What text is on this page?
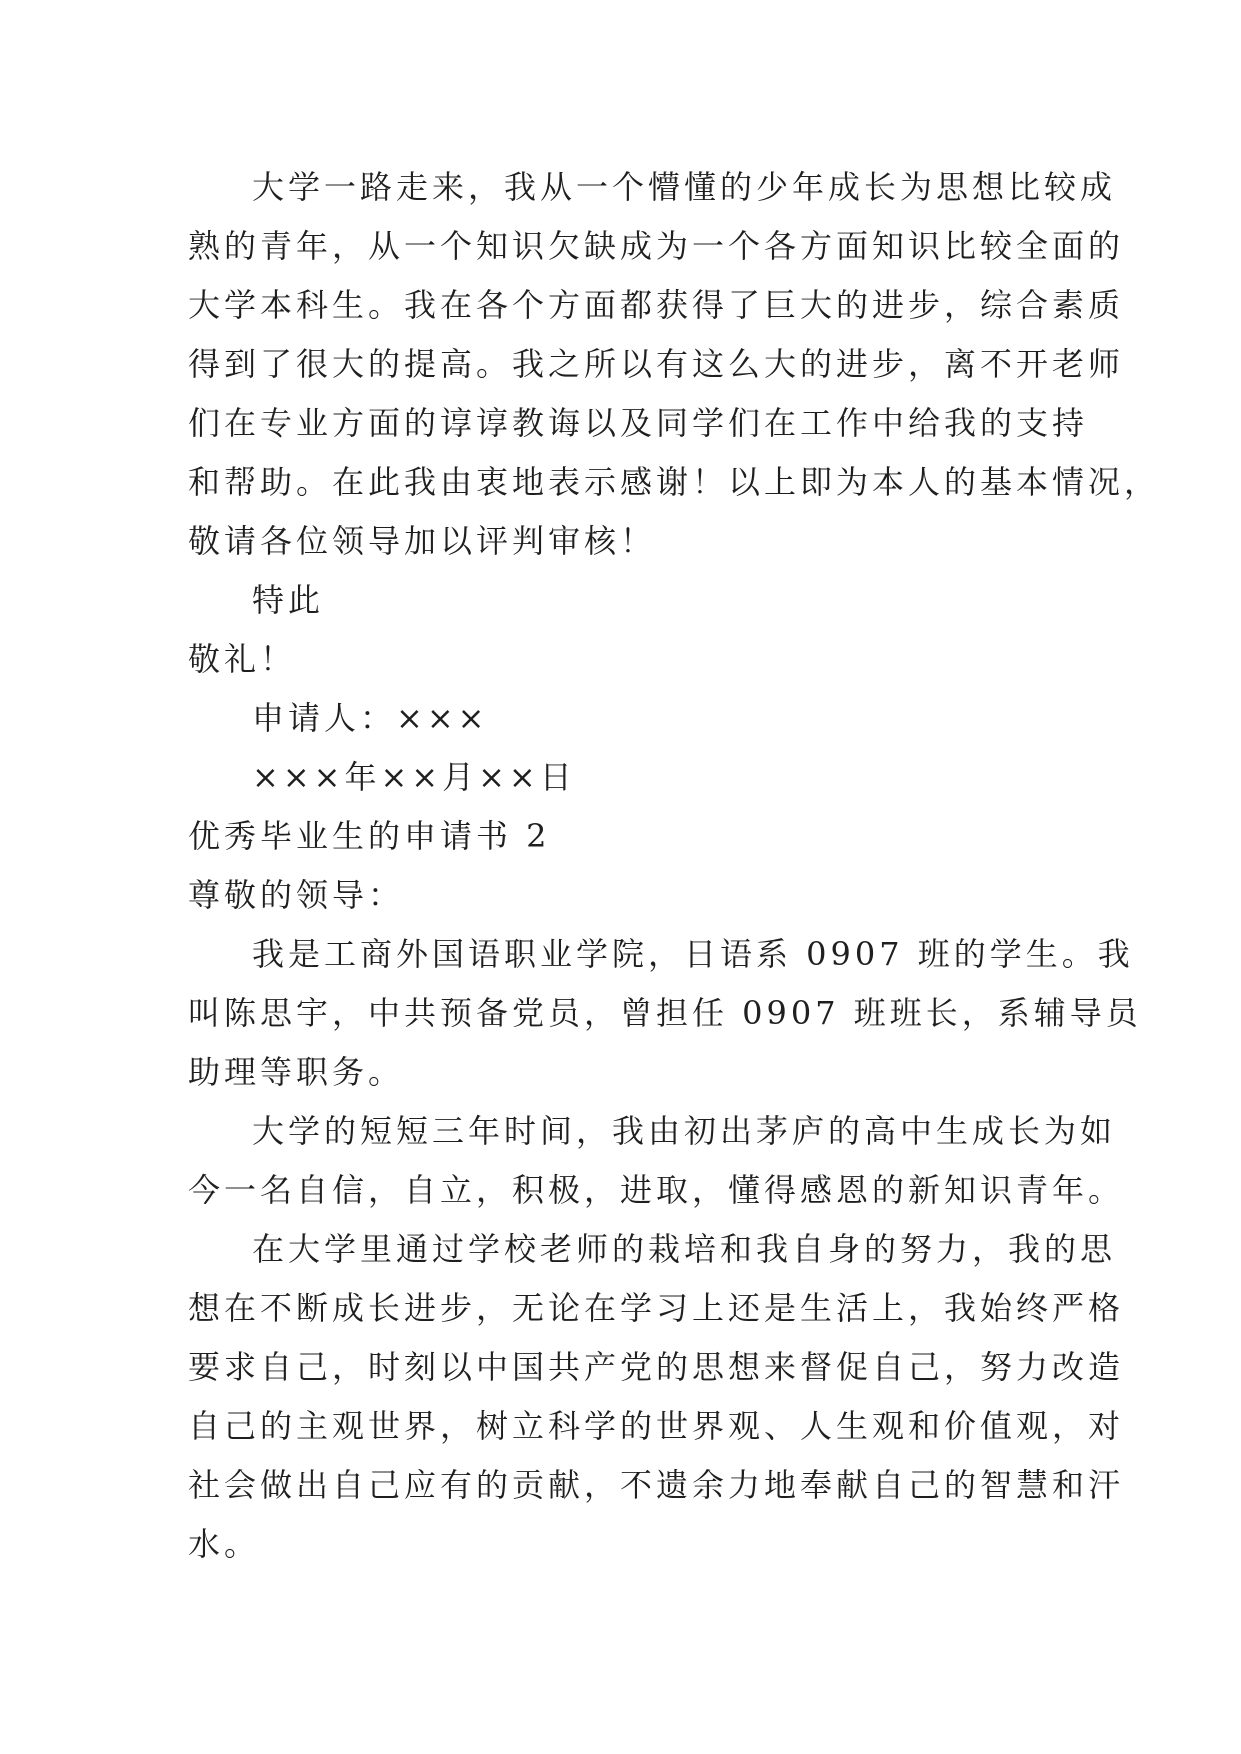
大学一路走来，我从一个懵懂的少年成长为思想比较成
熟的青年，从一个知识欠缺成为一个各方面知识比较全面的
大学本科生。我在各个方面都获得了巨大的进步，综合素质
得到了很大的提高。我之所以有这么大的进步，离不开老师
们在专业方面的谆谆教诲以及同学们在工作中给我的支持
和帮助。在此我由衷地表示感谢！以上即为本人的基本情况，
敬请各位领导加以评判审核！
特此
敬礼！
申请人：×××
×××年××月××日
优秀毕业生的申请书 2
尊敬的领导：
我是工商外国语职业学院，日语系 0907 班的学生。我
叫陈思宇，中共预备党员，曾担任 0907 班班长，系辅导员
助理等职务。
大学的短短三年时间，我由初出茅庐的高中生成长为如
今一名自信，自立，积极，进取，懂得感恩的新知识青年。
在大学里通过学校老师的栽培和我自身的努力，我的思
想在不断成长进步，无论在学习上还是生活上，我始终严格
要求自己，时刻以中国共产党的思想来督促自己，努力改造
自己的主观世界，树立科学的世界观、人生观和价值观，对
社会做出自己应有的贡献，不遗余力地奉献自己的智慧和汗
水。
